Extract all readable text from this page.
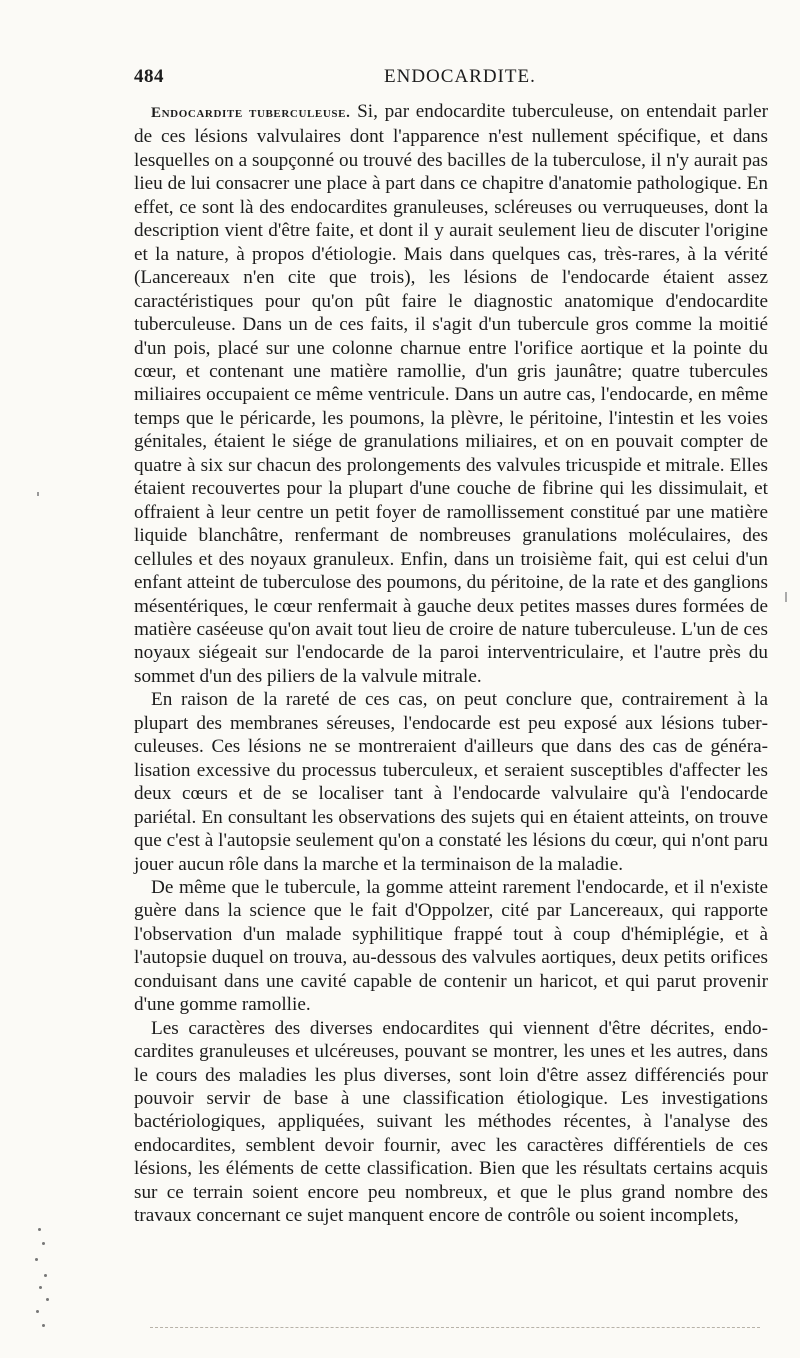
484	ENDOCARDITE.

Endocardite tuberculeuse. Si, par endocardite tuberculeuse, on entendait parler de ces lésions valvulaires dont l'apparence n'est nullement spécifique, et dans lesquelles on a soupçonné ou trouvé des bacilles de la tuberculose, il n'y aurait pas lieu de lui consacrer une place à part dans ce chapitre d'anatomie pathologique. En effet, ce sont là des endocardites granuleuses, scléreuses ou verruqueuses, dont la description vient d'être faite, et dont il y aurait seulement lieu de discuter l'origine et la nature, à propos d'étiologie. Mais dans quelques cas, très-rares, à la vérité (Lancereaux n'en cite que trois), les lésions de l'endocarde étaient assez caractéristiques pour qu'on pût faire le diagnostic anatomique d'endocardite tuberculeuse. Dans un de ces faits, il s'agit d'un tubercule gros comme la moitié d'un pois, placé sur une colonne charnue entre l'orifice aortique et la pointe du cœur, et contenant une matière ramollie, d'un gris jaunâtre; quatre tubercules miliaires occupaient ce même ventricule. Dans un autre cas, l'endocarde, en même temps que le péricarde, les poumons, la plèvre, le péritoine, l'intestin et les voies génitales, étaient le siége de granulations miliaires, et on en pouvait compter de quatre à six sur chacun des prolongements des valvules tricuspide et mitrale. Elles étaient recouvertes pour la plupart d'une couche de fibrine qui les dissimulait, et offraient à leur centre un petit foyer de ramollissement constitué par une matière liquide blanchâtre, renfermant de nombreuses granulations moléculaires, des cellules et des noyaux granuleux. Enfin, dans un troisième fait, qui est celui d'un enfant atteint de tuberculose des poumons, du péritoine, de la rate et des ganglions mésentériques, le cœur renfermait à gauche deux petites masses dures formées de matière caséeuse qu'on avait tout lieu de croire de nature tuberculeuse. L'un de ces noyaux siégeait sur l'endocarde de la paroi interventriculaire, et l'autre près du sommet d'un des piliers de la valvule mitrale.

En raison de la rareté de ces cas, on peut conclure que, contrairement à la plupart des membranes séreuses, l'endocarde est peu exposé aux lésions tuberculeuses. Ces lésions ne se montreraient d'ailleurs que dans des cas de généralisation excessive du processus tuberculeux, et seraient susceptibles d'affecter les deux cœurs et de se localiser tant à l'endocarde valvulaire qu'à l'endocarde pariétal. En consultant les observations des sujets qui en étaient atteints, on trouve que c'est à l'autopsie seulement qu'on a constaté les lésions du cœur, qui n'ont paru jouer aucun rôle dans la marche et la terminaison de la maladie.

De même que le tubercule, la gomme atteint rarement l'endocarde, et il n'existe guère dans la science que le fait d'Oppolzer, cité par Lancereaux, qui rapporte l'observation d'un malade syphilitique frappé tout à coup d'hémiplégie, et à l'autopsie duquel on trouva, au-dessous des valvules aortiques, deux petits orifices conduisant dans une cavité capable de contenir un haricot, et qui parut provenir d'une gomme ramollie.

Les caractères des diverses endocardites qui viennent d'être décrites, endocardites granuleuses et ulcéreuses, pouvant se montrer, les unes et les autres, dans le cours des maladies les plus diverses, sont loin d'être assez différenciés pour pouvoir servir de base à une classification étiologique. Les investigations bactériologiques, appliquées, suivant les méthodes récentes, à l'analyse des endocardites, semblent devoir fournir, avec les caractères différentiels de ces lésions, les éléments de cette classification. Bien que les résultats certains acquis sur ce terrain soient encore peu nombreux, et que le plus grand nombre des travaux concernant ce sujet manquent encore de contrôle ou soient incomplets,
